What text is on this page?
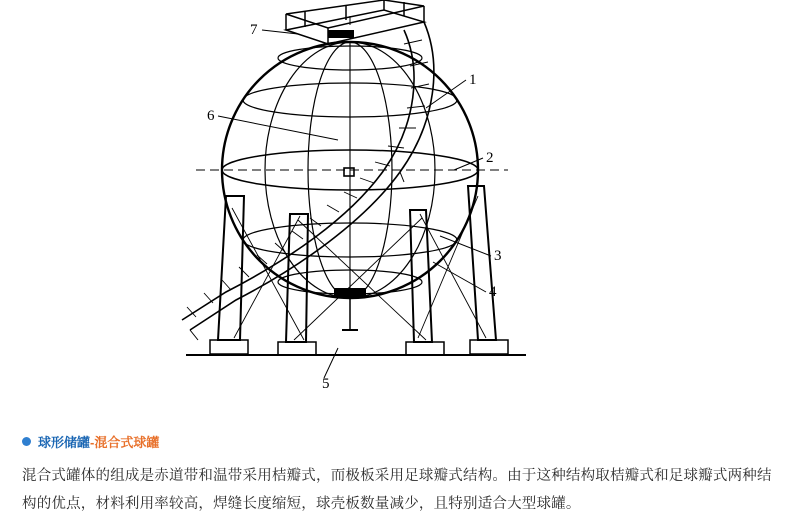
1
2
3
4
5
6
7
球形储罐 -混合式球罐
混合式罐体的组成是赤道带和温带采用桔瓣式，而极板采用足球瓣式结构。由于这种结构取桔瓣式和足球瓣式两种结构的优点，材料利用率较高，焊缝长度缩短，球壳板数量减少，且特别适合大型球罐。
